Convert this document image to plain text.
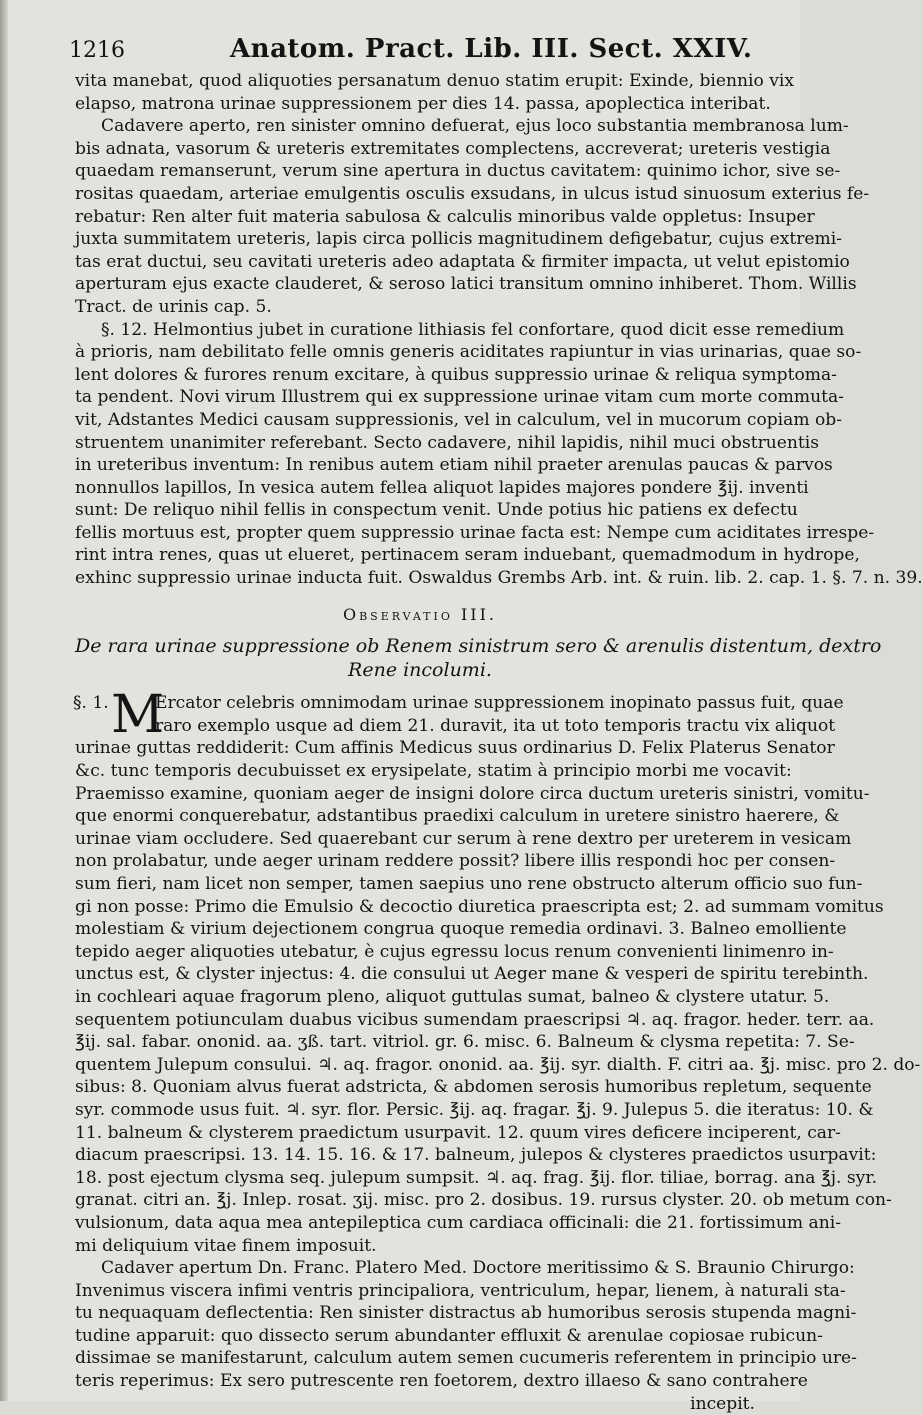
1216	Anatom. Pract. Lib. III. Sect. XXIV.
vita manebat, quod aliquoties persanatum denuo statim erupit: Exinde, biennio vix
elapso, matrona urinae suppressionem per dies 14. passa, apoplectica interibat.
Cadavere aperto, ren sinister omnino defuerat, ejus loco substantia membranosa lum-
bis adnata, vasorum & ureteris extremitates complectens, accreverat; ureteris vestigia
quaedam remanserunt, verum sine apertura in ductus cavitatem: quinimo ichor, sive se-
rositas quaedam, arteriae emulgentis osculis exsudans, in ulcus istud sinuosum exterius fe-
rebatur: Ren alter fuit materia sabulosa & calculis minoribus valde oppletus: Insuper
juxta summitatem ureteris, lapis circa pollicis magnitudinem defigebatur, cujus extremi-
tas erat ductui, seu cavitati ureteris adeo adaptata & firmiter impacta, ut velut epistomio
aperturam ejus exacte clauderet, & seroso latici transitum omnino inhiberet. Thom. Willis
Tract. de urinis cap. 5.
§. 12. Helmontius jubet in curatione lithiasis fel confortare, quod dicit esse remedium
à prioris, nam debilitato felle omnis generis aciditates rapiuntur in vias urinarias, quae so-
lent dolores & furores renum excitare, à quibus suppressio urinae & reliqua symptoma-
ta pendent. Novi virum Illustrem qui ex suppressione urinae vitam cum morte commuta-
vit, Adstantes Medici causam suppressionis, vel in calculum, vel in mucorum copiam ob-
struentem unanimiter referebant. Secto cadavere, nihil lapidis, nihil muci obstruentis
in ureteribus inventum: In renibus autem etiam nihil praeter arenulas paucas & parvos
nonnullos lapillos, In vesica autem fellea aliquot lapides majores pondere ℥ij. inventi
sunt: De reliquo nihil fellis in conspectum venit. Unde potius hic patiens ex defectu
fellis mortuus est, propter quem suppressio urinae facta est: Nempe cum aciditates irrespe-
rint intra renes, quas ut elueret, pertinacem seram induebant, quemadmodum in hydrope,
exhinc suppressio urinae inducta fuit. Oswaldus Grembs Arb. int. & ruin. lib. 2. cap. 1. §. 7. n. 39.
Observatio III.
De rara urinae suppressione ob Renem sinistrum sero & arenulis distentum, dextro
Rene incolumi.
§. 1. M
Ercator celebris omnimodam urinae suppressionem inopinato passus fuit, quae
raro exemplo usque ad diem 21. duravit, ita ut toto temporis tractu vix aliquot
urinae guttas reddiderit: Cum affinis Medicus suus ordinarius D. Felix Platerus Senator
&c. tunc temporis decubuisset ex erysipelate, statim à principio morbi me vocavit:
Praemisso examine, quoniam aeger de insigni dolore circa ductum ureteris sinistri, vomitu-
que enormi conquerebatur, adstantibus praedixi calculum in uretere sinistro haerere, &
urinae viam occludere. Sed quaerebant cur serum à rene dextro per ureterem in vesicam
non prolabatur, unde aeger urinam reddere possit? libere illis respondi hoc per consen-
sum fieri, nam licet non semper, tamen saepius uno rene obstructo alterum officio suo fun-
gi non posse: Primo die Emulsio & decoctio diuretica praescripta est; 2. ad summam vomitus
molestiam & virium dejectionem congrua quoque remedia ordinavi. 3. Balneo emolliente
tepido aeger aliquoties utebatur, è cujus egressu locus renum convenienti linimenro in-
unctus est, & clyster injectus: 4. die consului ut Aeger mane & vesperi de spiritu terebinth.
in cochleari aquae fragorum pleno, aliquot guttulas sumat, balneo & clystere utatur. 5.
sequentem potiunculam duabus vicibus sumendam praescripsi ♃. aq. fragor. heder. terr. aa.
℥ij. sal. fabar. ononid. aa. ʒß. tart. vitriol. gr. 6. misc. 6. Balneum & clysma repetita: 7. Se-
quentem Julepum consului. ♃. aq. fragor. ononid. aa. ℥ij. syr. dialth. F. citri aa. ℥j. misc. pro 2. do-
sibus: 8. Quoniam alvus fuerat adstricta, & abdomen serosis humoribus repletum, sequente
syr. commode usus fuit. ♃. syr. flor. Persic. ℥ij. aq. fragar. ℥j. 9. Julepus 5. die iteratus: 10. &
11. balneum & clysterem praedictum usurpavit. 12. quum vires deficere inciperent, car-
diacum praescripsi. 13. 14. 15. 16. & 17. balneum, julepos & clysteres praedictos usurpavit:
18. post ejectum clysma seq. julepum sumpsit. ♃. aq. frag. ℥ij. flor. tiliae, borrag. ana ℥j. syr.
granat. citri an. ℥j. Inlep. rosat. ʒij. misc. pro 2. dosibus. 19. rursus clyster. 20. ob metum con-
vulsionum, data aqua mea antepileptica cum cardiaca officinali: die 21. fortissimum ani-
mi deliquium vitae finem imposuit.
Cadaver apertum Dn. Franc. Platero Med. Doctore meritissimo & S. Braunio Chirurgo:
Invenimus viscera infimi ventris principaliora, ventriculum, hepar, lienem, à naturali sta-
tu nequaquam deflectentia: Ren sinister distractus ab humoribus serosis stupenda magni-
tudine apparuit: quo dissecto serum abundanter effluxit & arenulae copiosae rubicun-
dissimae se manifestarunt, calculum autem semen cucumeris referentem in principio ure-
teris reperimus: Ex sero putrescente ren foetorem, dextro illaeso & sano contrahere
incepit.
